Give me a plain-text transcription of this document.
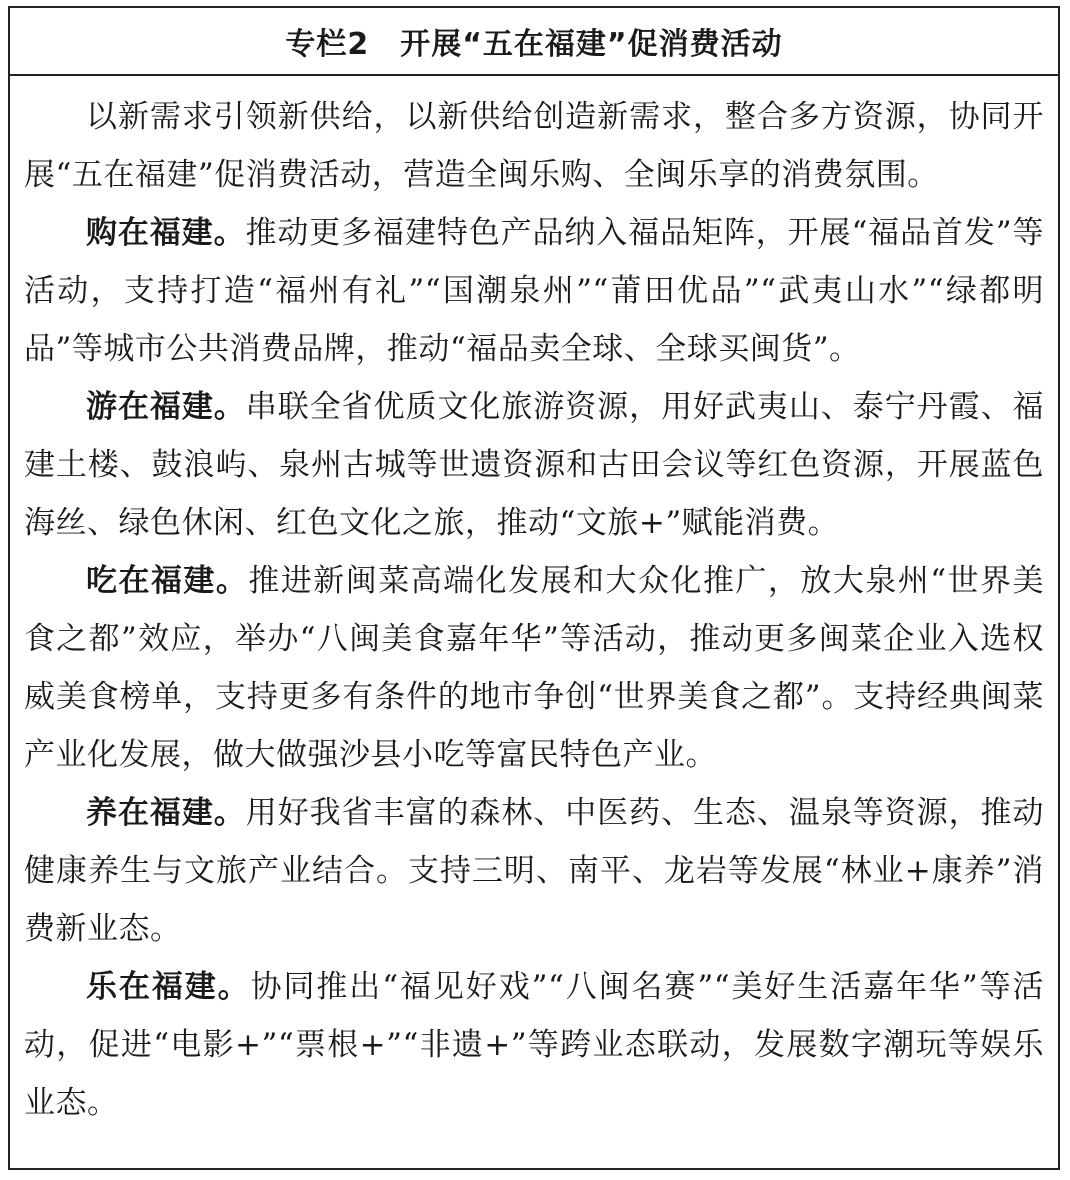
专栏2　开展“五在福建”促消费活动

以新需求引领新供给，以新供给创造新需求，整合多方资源，协同开展“五在福建”促消费活动，营造全闽乐购、全闽乐享的消费氛围。

购在福建。推动更多福建特色产品纳入福品矩阵，开展“福品首发”等活动，支持打造“福州有礼”“国潮泉州”“莆田优品”“武夷山水”“绿都明品”等城市公共消费品牌，推动“福品卖全球、全球买闽货”。

游在福建。串联全省优质文化旅游资源，用好武夷山、泰宁丹霞、福建土楼、鼓浪屿、泉州古城等世遗资源和古田会议等红色资源，开展蓝色海丝、绿色休闲、红色文化之旅，推动“文旅+”赋能消费。

吃在福建。推进新闽菜高端化发展和大众化推广，放大泉州“世界美食之都”效应，举办“八闽美食嘉年华”等活动，推动更多闽菜企业入选权威美食榜单，支持更多有条件的地市争创“世界美食之都”。支持经典闽菜产业化发展，做大做强沙县小吃等富民特色产业。

养在福建。用好我省丰富的森林、中医药、生态、温泉等资源，推动健康养生与文旅产业结合。支持三明、南平、龙岩等发展“林业+康养”消费新业态。

乐在福建。协同推出“福见好戏”“八闽名赛”“美好生活嘉年华”等活动，促进“电影+”“票根+”“非遗+”等跨业态联动，发展数字潮玩等娱乐业态。
